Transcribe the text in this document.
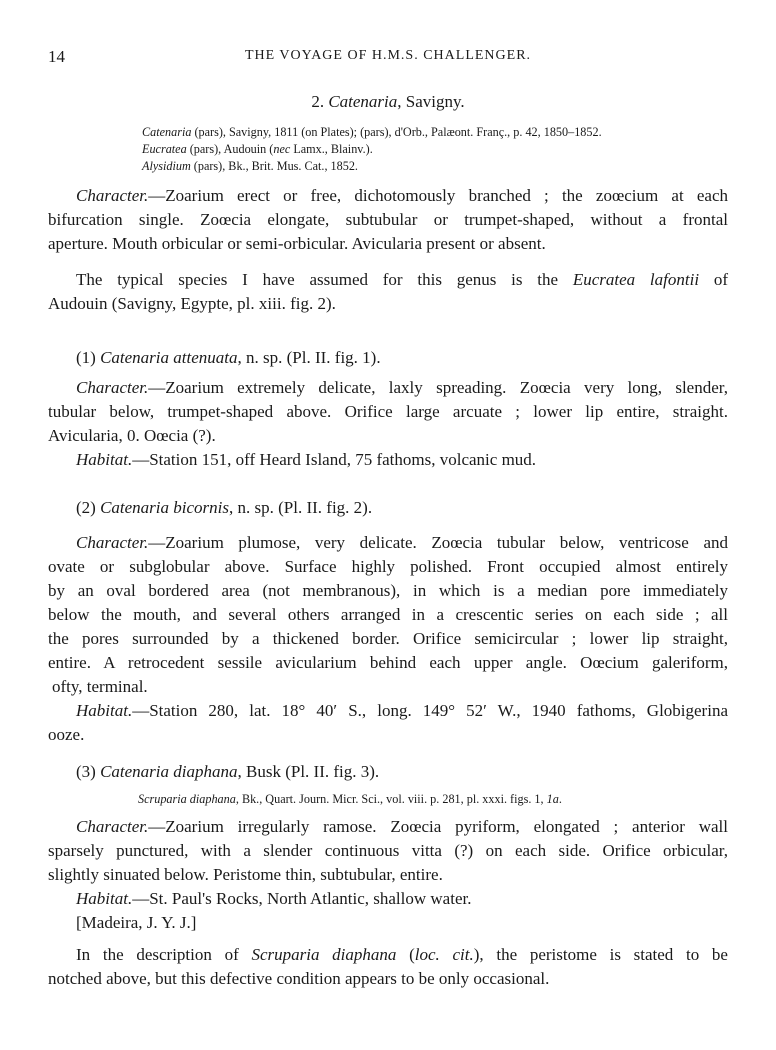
14	THE VOYAGE OF H.M.S. CHALLENGER.
2. Catenaria, Savigny.
Catenaria (pars), Savigny, 1811 (on Plates); (pars), d'Orb., Palæont. Franç., p. 42, 1850–1852.
Eucratea (pars), Audouin (nec Lamx., Blainv.).
Alysidium (pars), Bk., Brit. Mus. Cat., 1852.
Character.—Zoarium erect or free, dichotomously branched ; the zoœcium at each
bifurcation single. Zoœcia elongate, subtubular or trumpet-shaped, without a frontal
aperture. Mouth orbicular or semi-orbicular. Avicularia present or absent.
The typical species I have assumed for this genus is the Eucratea lafontii of
Audouin (Savigny, Egypte, pl. xiii. fig. 2).
(1) Catenaria attenuata, n. sp. (Pl. II. fig. 1).
Character.—Zoarium extremely delicate, laxly spreading. Zoœcia very long, slender,
tubular below, trumpet-shaped above. Orifice large arcuate ; lower lip entire, straight.
Avicularia, 0. Oœcia (?).
Habitat.—Station 151, off Heard Island, 75 fathoms, volcanic mud.
(2) Catenaria bicornis, n. sp. (Pl. II. fig. 2).
Character.—Zoarium plumose, very delicate. Zoœcia tubular below, ventricose and
ovate or subglobular above. Surface highly polished. Front occupied almost entirely
by an oval bordered area (not membranous), in which is a median pore immediately
below the mouth, and several others arranged in a crescentic series on each side ; all
the pores surrounded by a thickened border. Orifice semicircular ; lower lip straight,
entire. A retrocedent sessile avicularium behind each upper angle. Oœcium galeriform,
ofty, terminal.
Habitat.—Station 280, lat. 18° 40′ S., long. 149° 52′ W., 1940 fathoms, Globigerina
ooze.
(3) Catenaria diaphana, Busk (Pl. II. fig. 3).
Scruparia diaphana, Bk., Quart. Journ. Micr. Sci., vol. viii. p. 281, pl. xxxi. figs. 1, 1a.
Character.—Zoarium irregularly ramose. Zoœcia pyriform, elongated ; anterior wall
sparsely punctured, with a slender continuous vitta (?) on each side. Orifice orbicular,
slightly sinuated below. Peristome thin, subtubular, entire.
Habitat.—St. Paul's Rocks, North Atlantic, shallow water.
[Madeira, J. Y. J.]
In the description of Scruparia diaphana (loc. cit.), the peristome is stated to be
notched above, but this defective condition appears to be only occasional.
